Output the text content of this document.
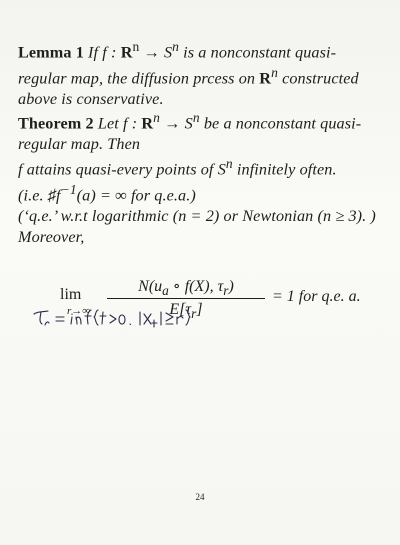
Lemma 1 If f : $R^n \to S^n$ is a nonconstant quasi-regular map, the diffusion prcess on $R^n$ constructed above is conservative.
Theorem 2 Let f : $R^n \to S^n$ be a nonconstant quasi-regular map. Then
f attains quasi-every points of $S^n$ infinitely often.
(i.e. $♯f^{-1}(a)$ = ∞ for q.e.a.)
(‘q.e.’ w.r.t logarithmic (n = 2) or Newtonian (n ≥ 3). )
Moreover,
lim
$r\to\infty \frac{N(u_a \circ f(X), \tau_r)}{E[\tau_r]} = 1$ for q.e. a.
24
